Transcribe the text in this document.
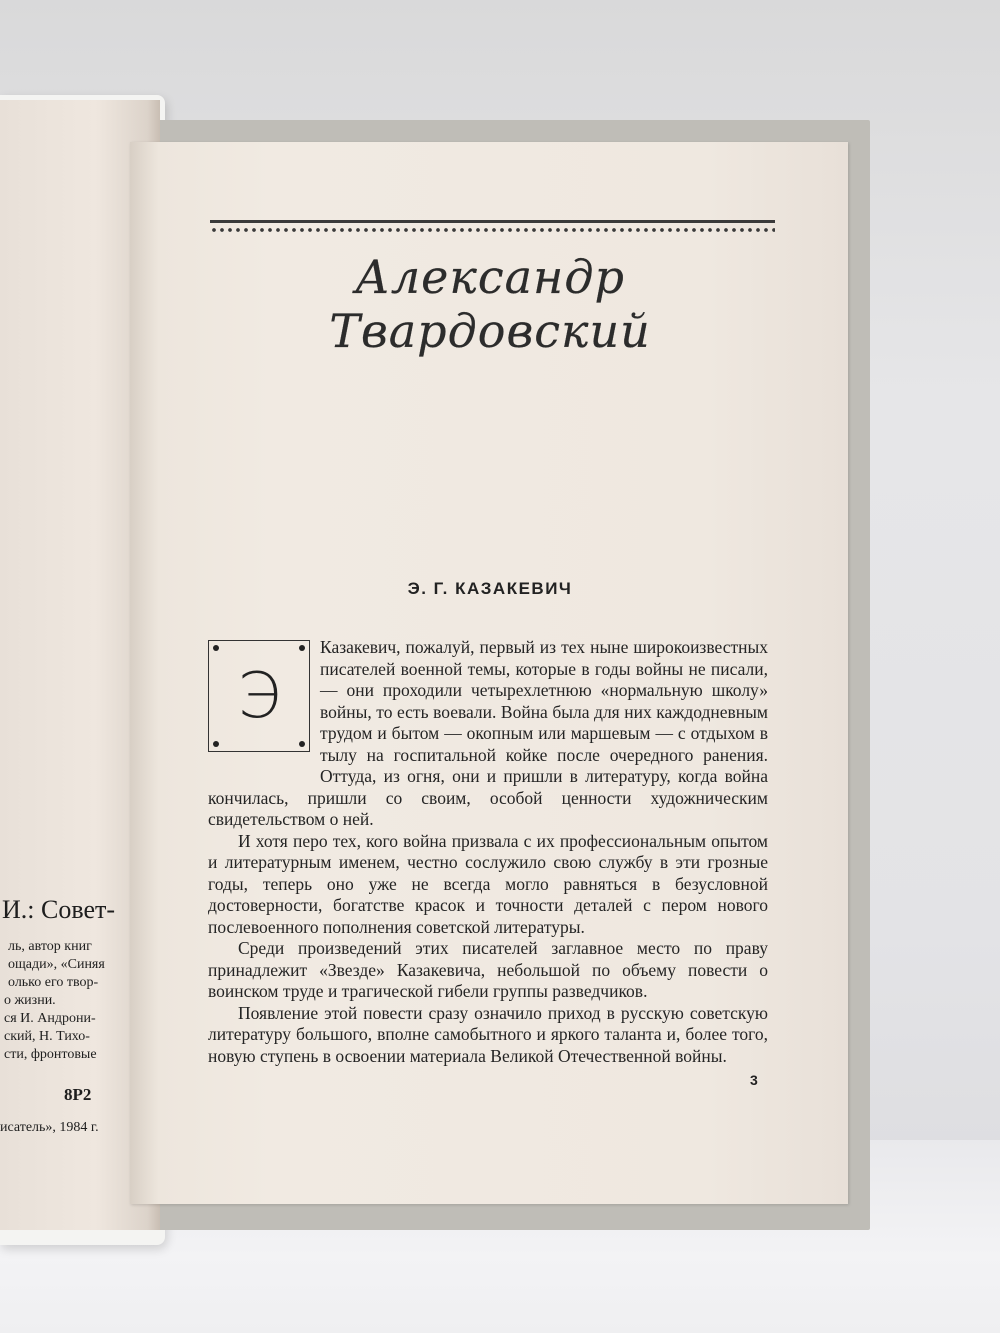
И.: Совет-
ль, автор книг
ощади», «Синяя
олько его твор-
о жизни.
ся И. Андрони-
ский, Н. Тихо-
сти, фронтовые
8Р2
исатель», 1984 г.
Александр Твардовский
Э. Г. КАЗАКЕВИЧ

Казакевич, пожалуй, первый из тех ныне широкоизвестных писателей военной темы, которые в годы войны не писали, — они проходили четырехлетнюю «нормальную школу» войны, то есть воевали. Война была для них каждодневным трудом и бытом — окопным или маршевым — с отдыхом в тылу на госпитальной койке после очередного ранения. Оттуда, из огня, они и пришли в литературу, когда война кончилась, пришли со своим, особой ценности художническим свидетельством о ней.

И хотя перо тех, кого война призвала с их профессиональным опытом и литературным именем, честно сослужило свою службу в эти грозные годы, теперь оно уже не всегда могло равняться в безусловной достоверности, богатстве красок и точности деталей с пером нового послевоенного пополнения советской литературы.

Среди произведений этих писателей заглавное место по праву принадлежит «Звезде» Казакевича, небольшой по объему повести о воинском труде и трагической гибели группы разведчиков.

Появление этой повести сразу означило приход в русскую советскую литературу большого, вполне самобытного и яркого таланта и, более того, новую ступень в освоении материала Великой Отечественной войны.

Э
3
